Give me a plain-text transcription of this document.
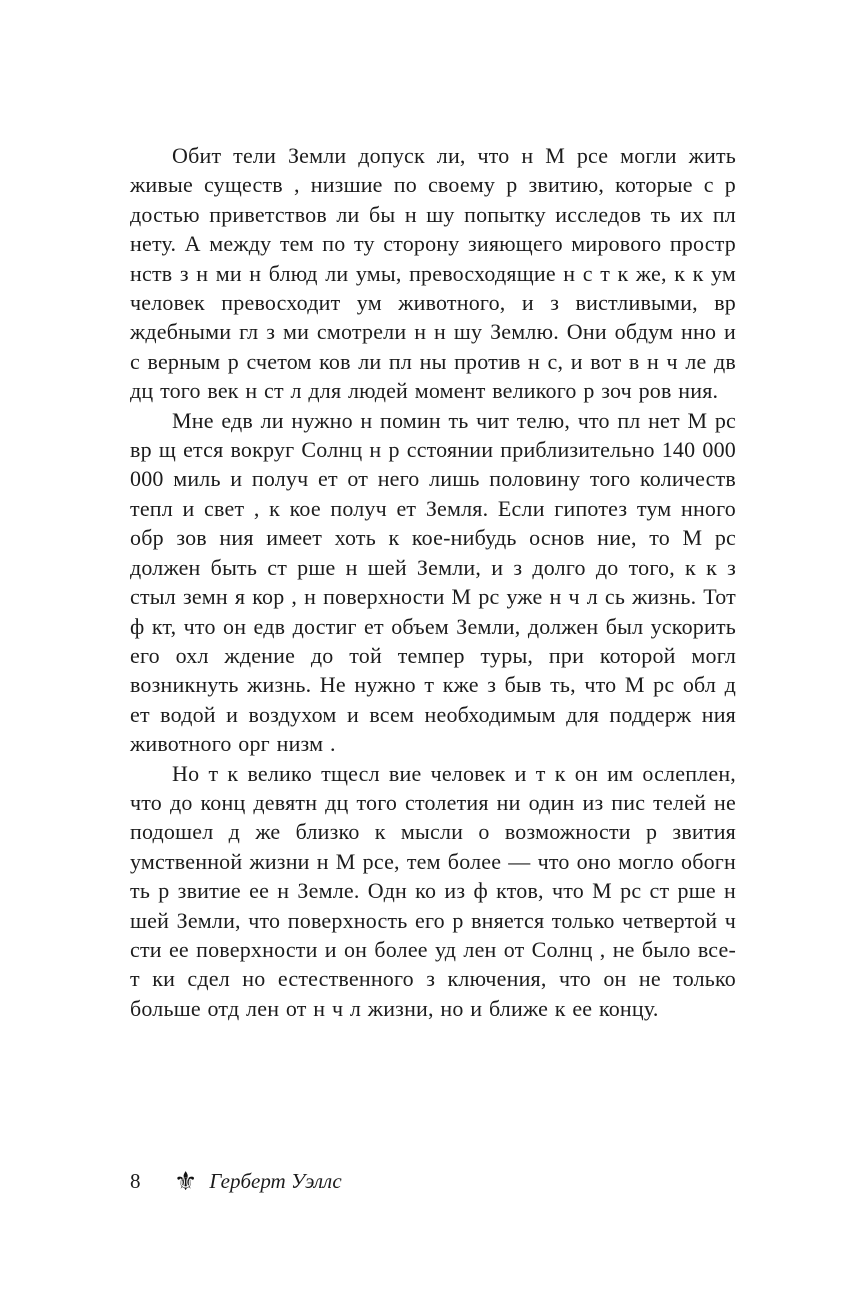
Обит тели Земли допуск ли, что н М рсе могли жить живые существ , низшие по своему р звитию, которые с р достью приветствов ли бы н шу попытку исследов ть их пл нету. А между тем по ту сторону зияющего мирового простр нств з н ми н блюд ли умы, превосходящие н с т к же, к к ум человек превосходит ум животного, и з вистливыми, вр ждебными гл з ми смотрели н н шу Землю. Они обдум нно и с верным р счетом ков ли пл ны против н с, и вот в н ч ле дв дц того век н ст л для людей момент великого р зоч ров ния.

Мне едв ли нужно н помин ть чит телю, что пл нет М рс вр щ ется вокруг Солнц н р сстоянии приблизительно 140 000 000 миль и получ ет от него лишь половину того количеств тепл и свет , к кое получ ет Земля. Если гипотез тум нного обр зов ния имеет хоть к кое-нибудь основ ние, то М рс должен быть ст рше н шей Земли, и з долго до того, к к з стыл земн я кор , н поверхности М рс уже н ч л сь жизнь. Тот ф кт, что он едв достиг ет объем Земли, должен был ускорить его охл ждение до той темпер туры, при которой могл возникнуть жизнь. Не нужно т кже з быв ть, что М рс обл д ет водой и воздухом и всем необходимым для поддерж ния животного орг низм .

Но т к велико тщесл вие человек и т к он им ослеплен, что до конц девятн дц того столетия ни один из пис телей не подошел д же близко к мысли о возможности р звития умственной жизни н М рсе, тем более — что оно могло обогн ть р звитие ее н Земле. Одн ко из ф ктов, что М рс ст рше н шей Земли, что поверхность его р вняется только четвертой ч сти ее поверхности и он более уд лен от Солнц , не было все-т ки сдел но естественного з ключения, что он не только больше отд лен от н ч л жизни, но и ближе к ее концу.

8	⚜ Герберт Уэллс
